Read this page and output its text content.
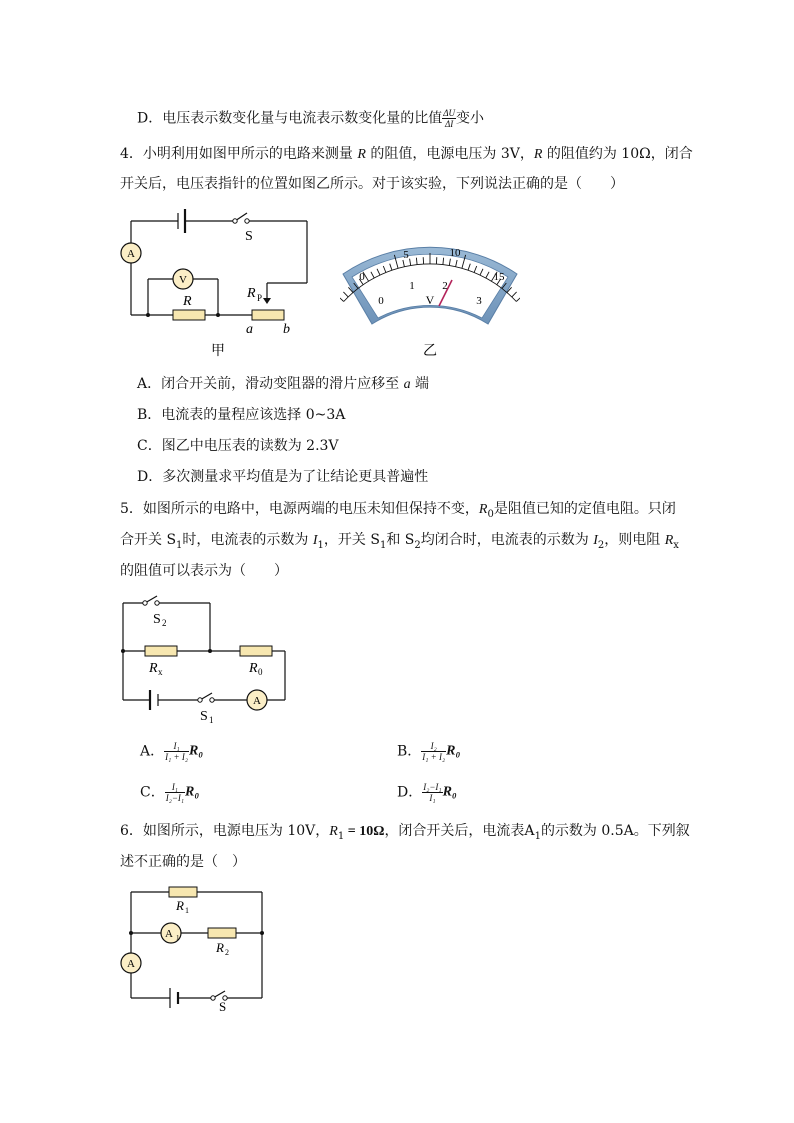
D．电压表示数变化量与电流表示数变化量的比值 $\frac{\Delta U}{\Delta I}$ 变小
4．小明利用如图甲所示的电路来测量 R 的阻值，电源电压为 3V，R 的阻值约为 10Ω，闭合
开关后，电压表指针的位置如图乙所示。对于该实验，下列说法正确的是（　　）
A
V
S
R
R P
a b
甲
0
5	10
15
0
1	2
3
V
乙
A．闭合开关前，滑动变阻器的滑片应移至 a 端
B．电流表的量程应该选择 0~3A
C．图乙中电压表的读数为 2.3V
D．多次测量求平均值是为了让结论更具普遍性
5．如图所示的电路中，电源两端的电压未知但保持不变，$R_0$是阻值已知的定值电阻。只闭
合开关 $S_1$时，电流表的示数为 $I_1$，开关 $S_1$和 $S_2$均闭合时，电流表的示数为 $I_2$，则电阻 $R_x$
的阻值可以表示为（　　）
A
S 2
R x	R 0
S 1
A． $\frac{\text{I₁}}{\text{I₁ + I₂}} R_0$	B． $\frac{\text{I₂}}{\text{I₁ + I₂}} R_0$
C． $\frac{\text{I₁}}{\text{I₂−I₁}} R_0$	D． $\frac{\text{I₂−I₁}}{\text{I₁}} R_0$
6．如图所示，电源电压为 10V，$R_1 = 10\Omega$，闭合开关后，电流表$A_1$的示数为 0.5A。下列叙
述不正确的是（　）
A 1
A
R 1
R 2
S
